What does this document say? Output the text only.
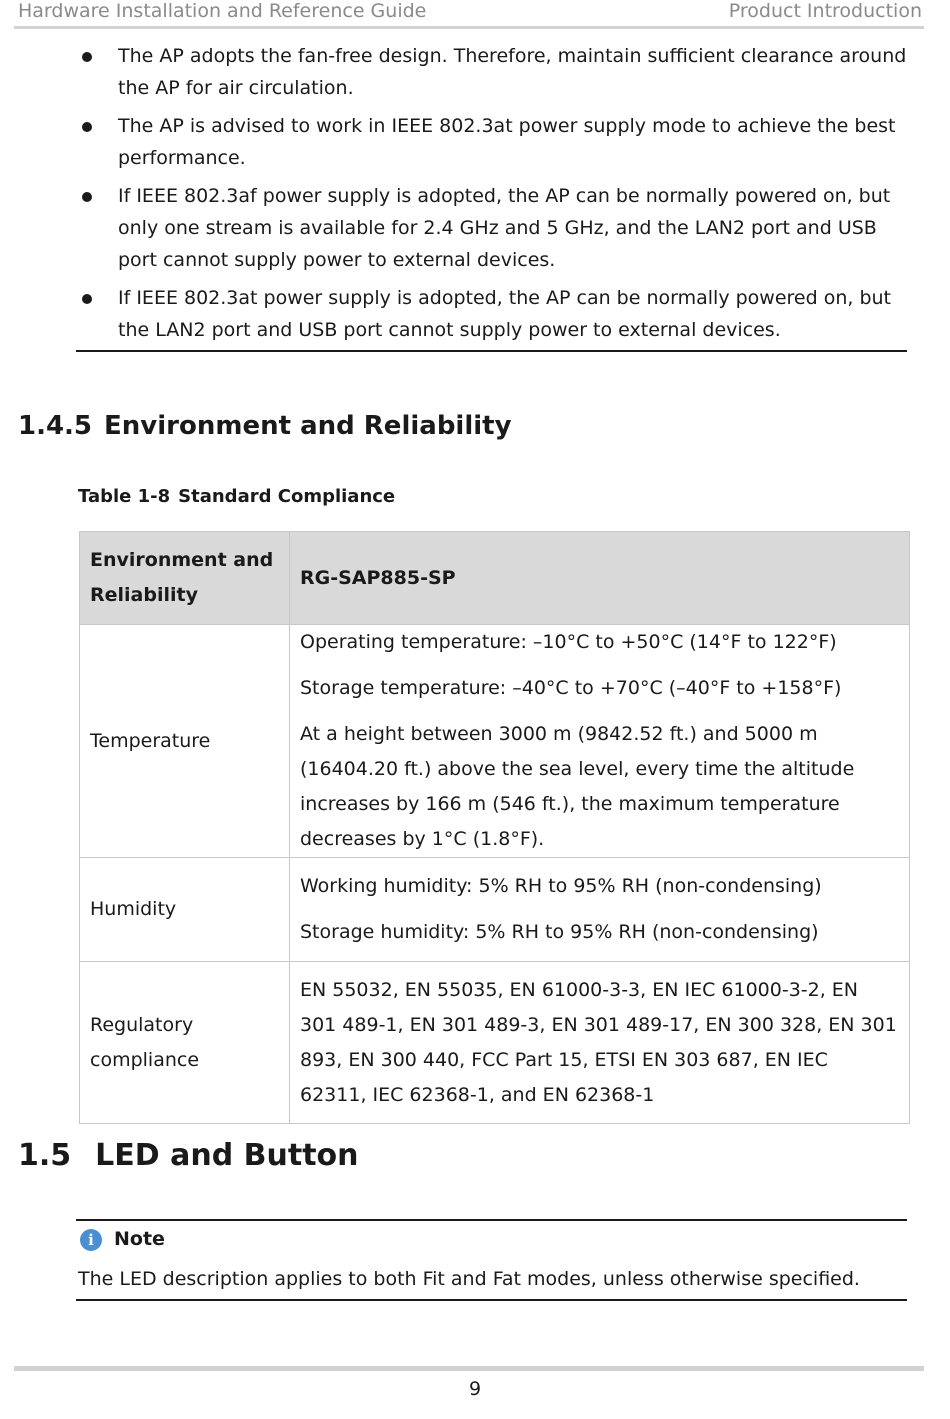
Hardware Installation and Reference Guide	Product Introduction
The AP adopts the fan-free design. Therefore, maintain sufficient clearance around the AP for air circulation.
The AP is advised to work in IEEE 802.3at power supply mode to achieve the best performance.
If IEEE 802.3af power supply is adopted, the AP can be normally powered on, but only one stream is available for 2.4 GHz and 5 GHz, and the LAN2 port and USB port cannot supply power to external devices.
If IEEE 802.3at power supply is adopted, the AP can be normally powered on, but the LAN2 port and USB port cannot supply power to external devices.
1.4.5 Environment and Reliability
Table 1-8 Standard Compliance
Environment and Reliability	RG-SAP885-SP
Temperature	Operating temperature: –10°C to +50°C (14°F to 122°F)

Storage temperature: –40°C to +70°C (–40°F to +158°F)

At a height between 3000 m (9842.52 ft.) and 5000 m (16404.20 ft.) above the sea level, every time the altitude increases by 166 m (546 ft.), the maximum temperature decreases by 1°C (1.8°F).

Humidity	Working humidity: 5% RH to 95% RH (non-condensing)

Storage humidity: 5% RH to 95% RH (non-condensing)

Regulatory compliance	EN 55032, EN 55035, EN 61000-3-3, EN IEC 61000-3-2, EN 301 489-1, EN 301 489-3, EN 301 489-17, EN 300 328, EN 301 893, EN 300 440, FCC Part 15, ETSI EN 303 687, EN IEC 62311, IEC 62368-1, and EN 62368-1
1.5 LED and Button
i Note
The LED description applies to both Fit and Fat modes, unless otherwise specified.
9
